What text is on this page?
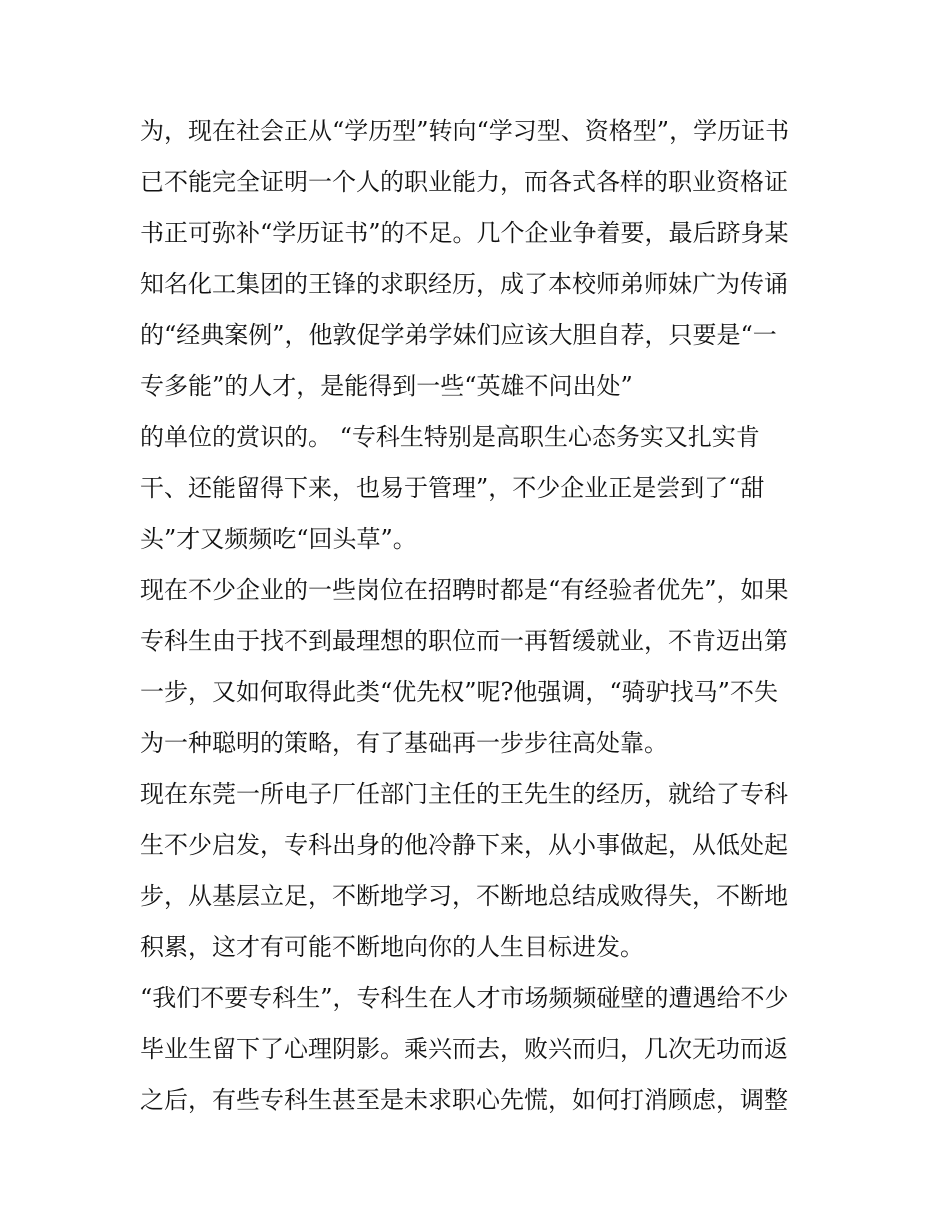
为，现在社会正从“学历型”转向“学习型、资格型”，学历证书
已不能完全证明一个人的职业能力，而各式各样的职业资格证
书正可弥补“学历证书”的不足。几个企业争着要，最后跻身某
知名化工集团的王锋的求职经历，成了本校师弟师妹广为传诵
的“经典案例”，他敦促学弟学妹们应该大胆自荐，只要是“一
专多能”的人才，是能得到一些“英雄不问出处”
的单位的赏识的。 “专科生特别是高职生心态务实又扎实肯
干、还能留得下来，也易于管理”，不少企业正是尝到了“甜
头”才又频频吃“回头草”。
现在不少企业的一些岗位在招聘时都是“有经验者优先”，如果
专科生由于找不到最理想的职位而一再暂缓就业，不肯迈出第
一步，又如何取得此类“优先权”呢?他强调，“骑驴找马”不失
为一种聪明的策略，有了基础再一步步往高处靠。
现在东莞一所电子厂任部门主任的王先生的经历，就给了专科
生不少启发，专科出身的他冷静下来，从小事做起，从低处起
步，从基层立足，不断地学习，不断地总结成败得失，不断地
积累，这才有可能不断地向你的人生目标进发。
“我们不要专科生”，专科生在人才市场频频碰壁的遭遇给不少
毕业生留下了心理阴影。乘兴而去，败兴而归，几次无功而返
之后，有些专科生甚至是未求职心先慌，如何打消顾虑，调整
